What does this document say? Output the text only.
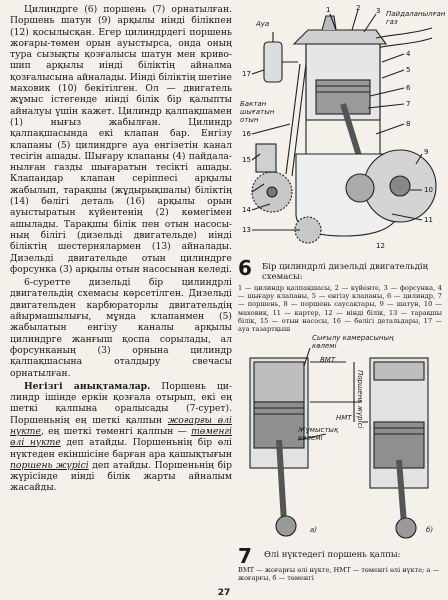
Цилиндрге (6) поршень (7) орнатылған. Поршень шатун (9) арқылы иінді білікпен (12) қосылысқан. Егер цилиндрдегі поршень жоғары-төмен орын ауыстырса, онда оның тура сызықты қозғалысы шатун мен кривошип арқылы иінді біліктің айналма қозғалысына айналады. Иінді біліктің шетіне маховик (10) бекітілген. Ол — двигатель жұмыс істегенде иінді білік бір қалыпты айналуы үшін кажет. Цилиндр қалпақшамен (1) нығыз жабылған. Цилиндр қалпақшасында екі клапан бар. Енгізу клапаны (5) цилиндрге ауа енгізетін канал тесігін ашады. Шығару клапаны (4) пайдаланылған газды шығаратын тесікті ашады. Клапандар клапан серіппесі арқылы жабылып, тарақшы (жұдырықшалы) біліктің (14) бөлігі деталь (16) арқылы орын ауыстыратын күйентенің (2) көмегімен ашылады. Тарақшы білік пен отын насосының білігі (дизельді двигательде) иінді біліктің шестернялармен (13) айналады. Дизельді двигательде отын цилиндрге форсунка (3) арқылы отын насосынан келеді.

6-суретте дизельді бір цилиндрлі двигательдің схемасы көрсетілген. Дизельді двигательден карбюраторлы двигательдің айырмашылығы, мұнда клапанмен (5) жабылатын енгізу каналы арқылы цилиндрге жанғыш қоспа сорылады, ал форсунканың (3) орнына цилиндр қалпақшасына оталдыру свечасы орнатылған.

Негізгі анықтамалар. Поршень цилиндр ішінде еркін қозғала отырып, екі ең шеткі қалпына оралысады (7-сурет). Поршеньнің ең шеткі қалпын жоғарғы өлі нүкте, ең шеткі төменгі қалпын — төменгі өлі нүкте деп атайды. Поршеньнің бір өлі нүктеден екіншісіне барған ара қашықтығын поршень жүрісі деп атайды. Поршеньнің бір жүрісінде иінді білік жарты айналым жасайды.

1	2 3
4
5
6
7
8
9
10
11
12
13
14
15
16
17
Ауа
Пайдаланылған газ
Бактан шығатын отын
6 Бір цилиндрлі дизельді двигательдің схемасы:
1 — цилиндр қалпақшасы, 2 — күйенте, 3 — форсунка, 4 — шығару клапаны, 5 — енгізу клапаны, 6 — цилиндр, 7 — поршень, 8 — поршень саусақтары, 9 — шатун, 10 — маховик, 11 — картер, 12 — иінді білік, 13 — тарақшы білік, 15 — отын насосы, 16 — бөлігі детальдары, 17 — ауа тазартқыш
Сығылу камерасының көлемі
ВМТ
НМТ Поршень жүрісі
Жұмыстық көлемі
а)	б)
7 Өлі нүктедегі поршень қалпы:
ВМТ — жоғарғы өлі нүкте, НМТ — төменгі өлі нүкте; а — жоғарғы, б — төменгі
27
